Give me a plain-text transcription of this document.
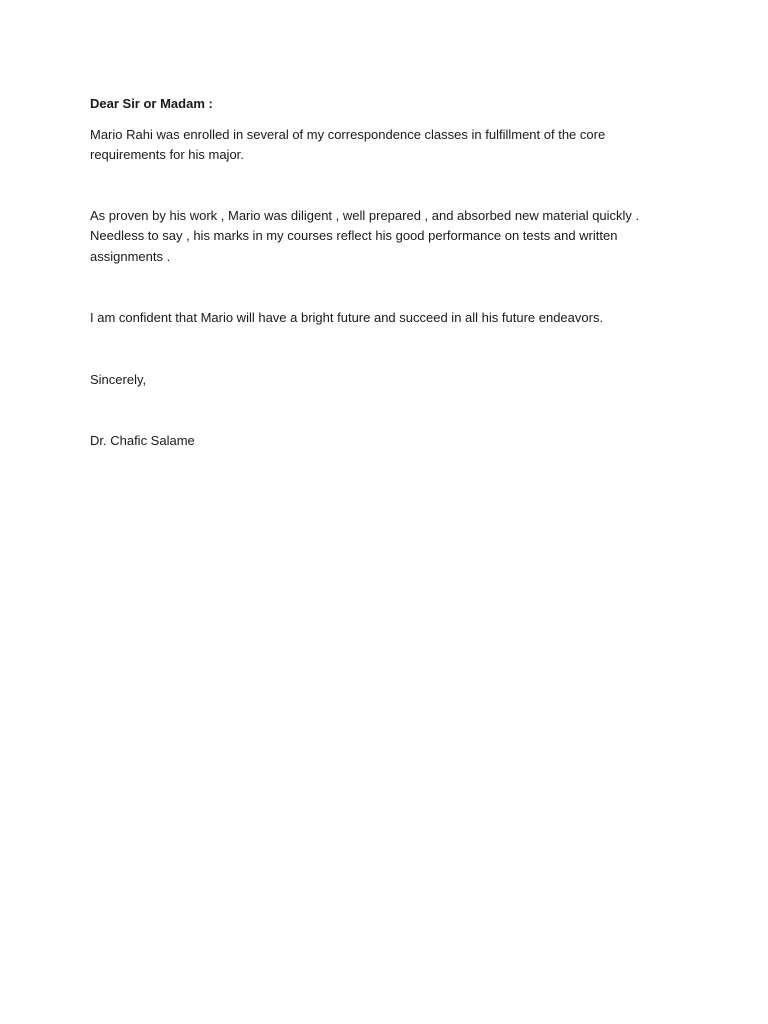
Dear Sir or Madam :

Mario Rahi was enrolled in several of my correspondence classes in fulfillment of the core
requirements for his major.

As proven by his work , Mario was diligent , well prepared , and absorbed new material quickly .
Needless to say , his marks in my courses reflect his good performance on tests and written
assignments .

I am confident that Mario will have a bright future and succeed in all his future endeavors.

Sincerely,

Dr. Chafic Salame
